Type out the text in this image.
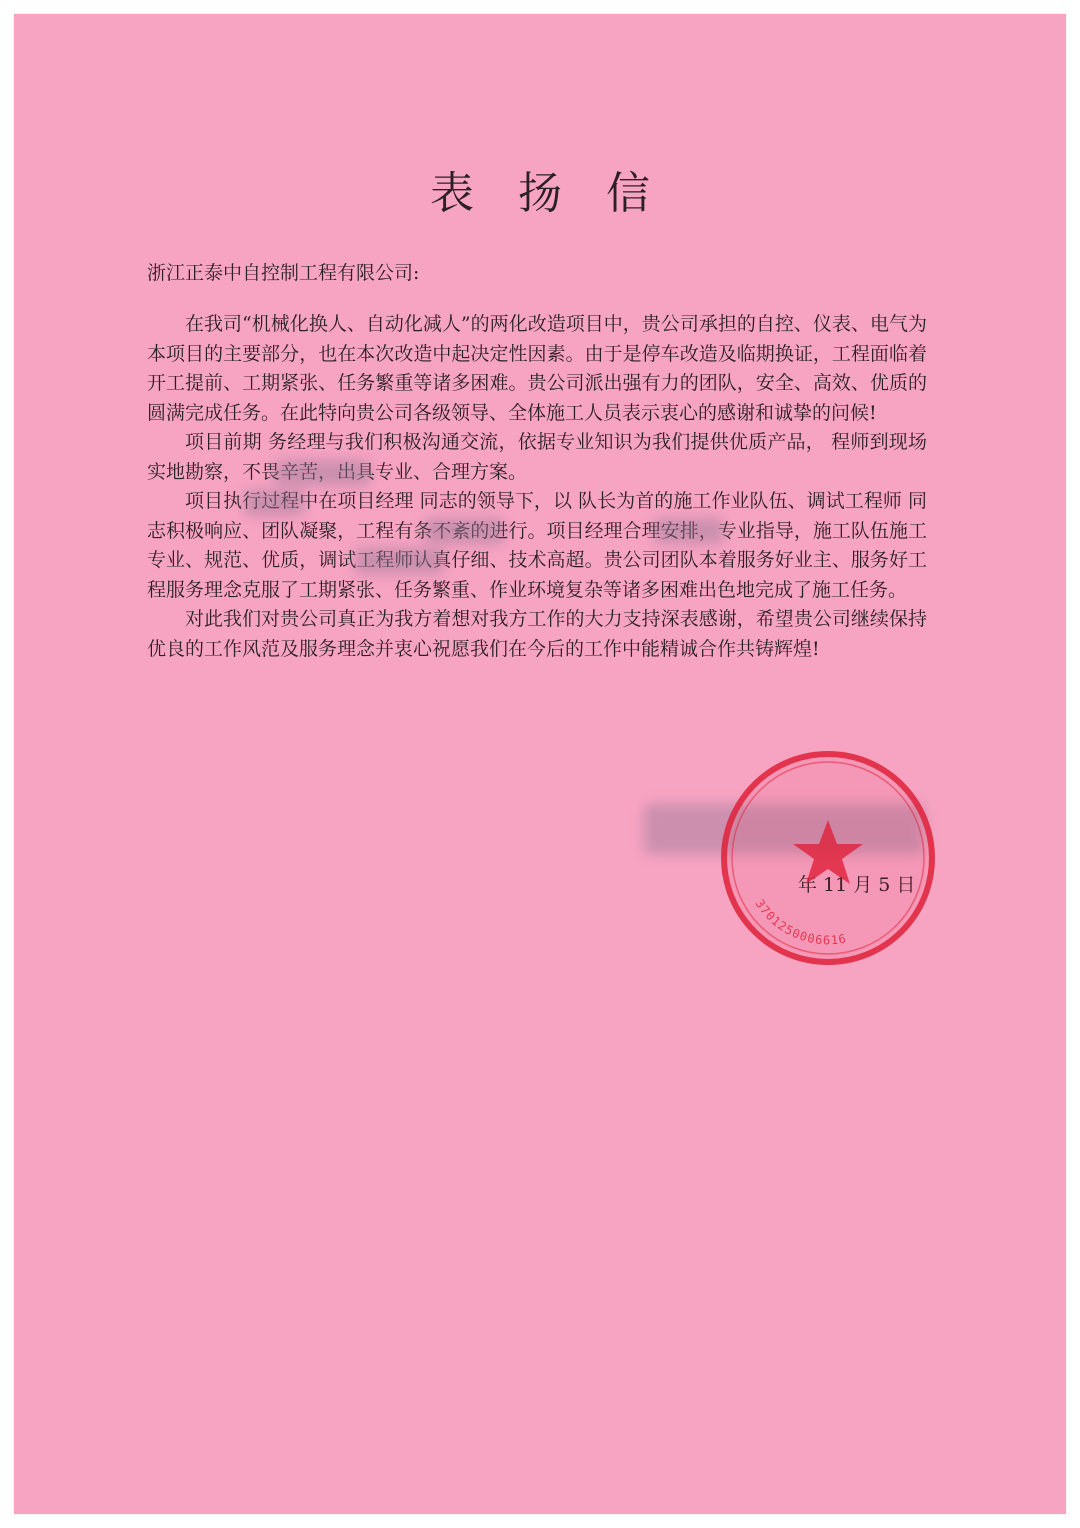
表扬信
浙江正泰中自控制工程有限公司:

在我司“机械化换人、自动化减人”的两化改造项目中，贵公司承担的自控、仪表、电气为本项目的主要部分，也在本次改造中起决定性因素。由于是停车改造及临期换证，工程面临着开工提前、工期紧张、任务繁重等诸多困难。贵公司派出强有力的团队，安全、高效、优质的圆满完成任务。在此特向贵公司各级领导、全体施工人员表示衷心的感谢和诚挚的问候!

项目前期 务经理与我们积极沟通交流，依据专业知识为我们提供优质产品， 程师到现场实地勘察，不畏辛苦，出具专业、合理方案。

项目执行过程中在项目经理 同志的领导下，以 队长为首的施工作业队伍、调试工程师 同志积极响应、团队凝聚，工程有条不紊的进行。项目经理合理安排，专业指导，施工队伍施工专业、规范、优质，调试工程师认真仔细、技术高超。贵公司团队本着服务好业主、服务好工程服务理念克服了工期紧张、任务繁重、作业环境复杂等诸多困难出色地完成了施工任务。

对此我们对贵公司真正为我方着想对我方工作的大力支持深表感谢，希望贵公司继续保持优良的工作风范及服务理念并衷心祝愿我们在今后的工作中能精诚合作共铸辉煌!

3701250006616
